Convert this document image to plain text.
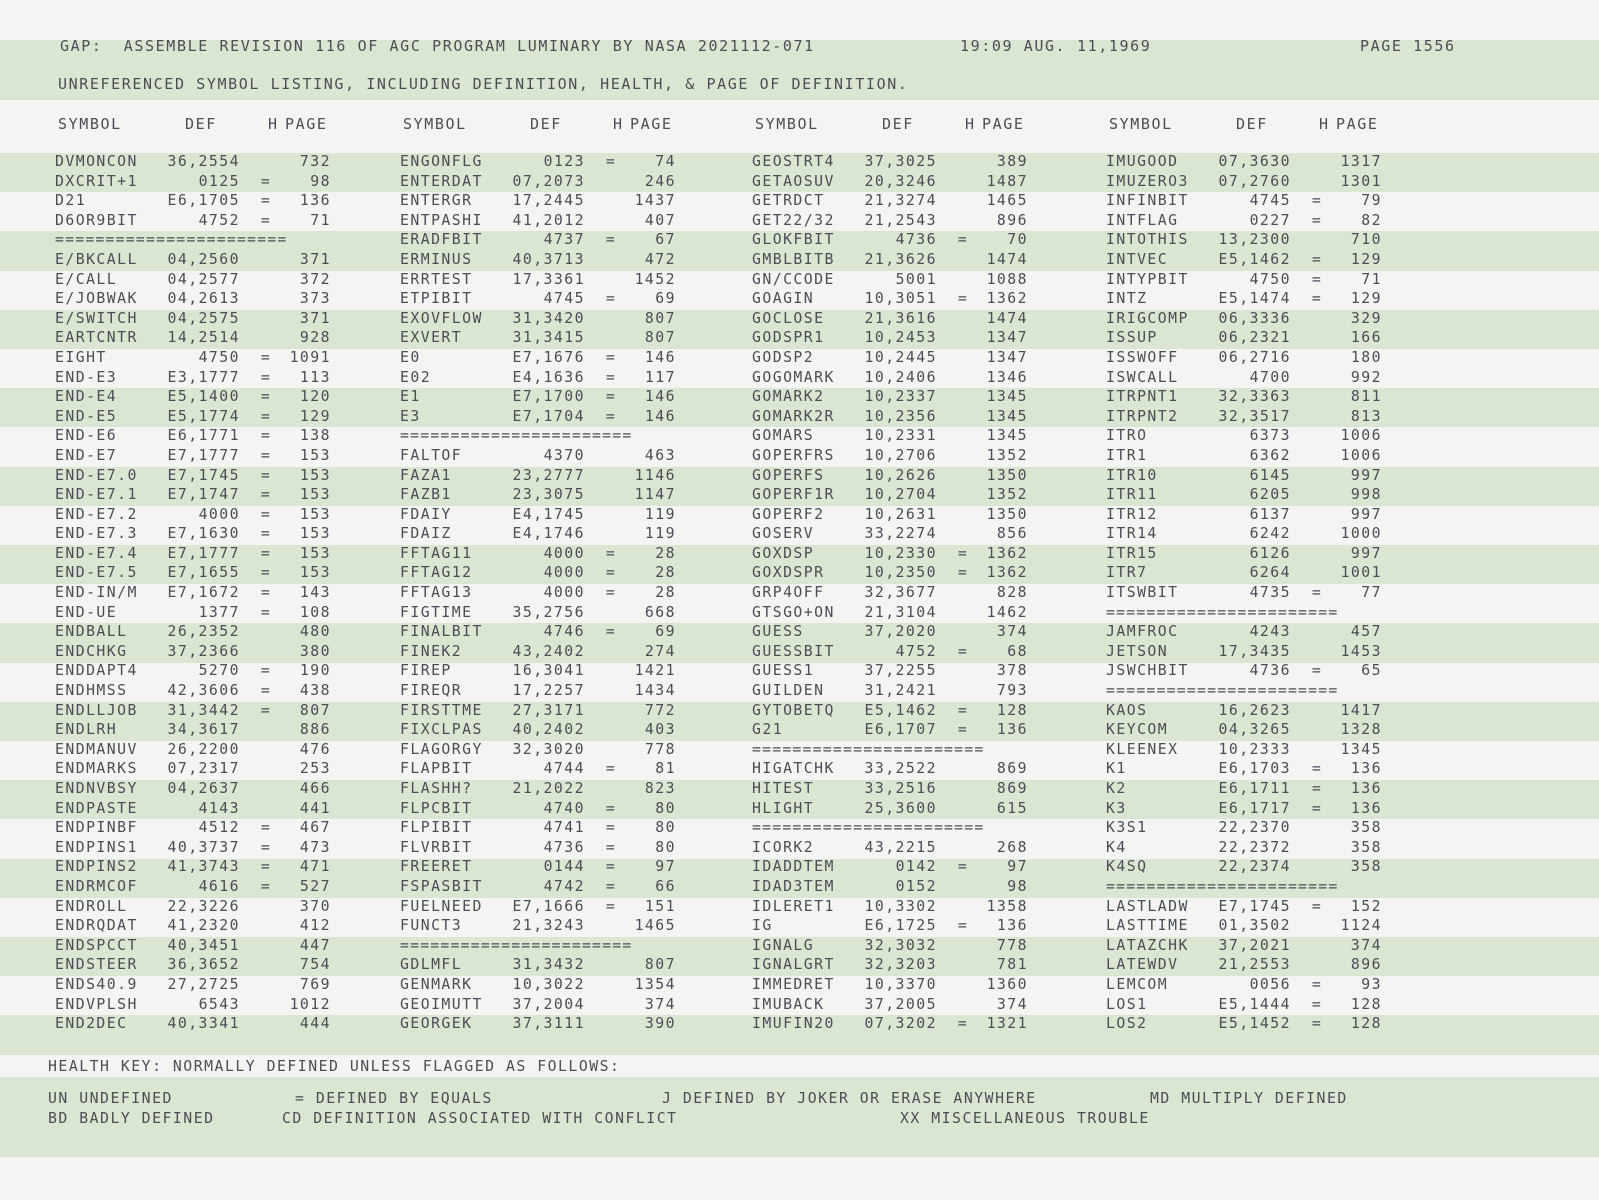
GAP:  ASSEMBLE REVISION 116 OF AGC PROGRAM LUMINARY BY NASA 2021112-071	19:09 AUG. 11,1969	PAGE 1556
UNREFERENCED SYMBOL LISTING, INCLUDING DEFINITION, HEALTH, & PAGE OF DEFINITION.
SYMBOL	DEF	H PAGE	SYMBOL	DEF	H PAGE	SYMBOL	DEF	H PAGE	SYMBOL	DEF	H PAGE
DVMONCON	36,2554	732
DXCRIT+1	0125 =	98
D21	E6,1705 =	136
D6OR9BIT	4752 =	71
=======================
E/BKCALL	04,2560	371
E/CALL	04,2577	372
E/JOBWAK	04,2613	373
E/SWITCH	04,2575	371
EARTCNTR	14,2514	928
EIGHT	4750 =	1091
END-E3	E3,1777 =	113
END-E4	E5,1400 =	120
END-E5	E5,1774 =	129
END-E6	E6,1771 =	138
END-E7	E7,1777 =	153
END-E7.0	E7,1745 =	153
END-E7.1	E7,1747 =	153
END-E7.2	4000 =	153
END-E7.3	E7,1630 =	153
END-E7.4	E7,1777 =	153
END-E7.5	E7,1655 =	153
END-IN/M	E7,1672 =	143
END-UE	1377 =	108
ENDBALL	26,2352	480
ENDCHKG	37,2366	380
ENDDAPT4	5270 =	190
ENDHMSS	42,3606 =	438
ENDLLJOB	31,3442 =	807
ENDLRH	34,3617	886
ENDMANUV	26,2200	476
ENDMARKS	07,2317	253
ENDNVBSY	04,2637	466
ENDPASTE	4143	441
ENDPINBF	4512 =	467
ENDPINS1	40,3737 =	473
ENDPINS2	41,3743 =	471
ENDRMCOF	4616 =	527
ENDROLL	22,3226	370
ENDRQDAT	41,2320	412
ENDSPCCT	40,3451	447
ENDSTEER	36,3652	754
ENDS40.9	27,2725	769
ENDVPLSH	6543	1012
END2DEC	40,3341	444
ENGONFLG	0123 =	74
ENTERDAT	07,2073	246
ENTERGR	17,2445	1437
ENTPASHI	41,2012	407
ERADFBIT	4737 =	67
ERMINUS	40,3713	472
ERRTEST	17,3361	1452
ETPIBIT	4745 =	69
EXOVFLOW	31,3420	807
EXVERT	31,3415	807
E0	E7,1676 =	146
E02	E4,1636 =	117
E1	E7,1700 =	146
E3	E7,1704 =	146
=======================
FALTOF	4370	463
FAZA1	23,2777	1146
FAZB1	23,3075	1147
FDAIY	E4,1745	119
FDAIZ	E4,1746	119
FFTAG11	4000 =	28
FFTAG12	4000 =	28
FFTAG13	4000 =	28
FIGTIME	35,2756	668
FINALBIT	4746 =	69
FINEK2	43,2402	274
FIREP	16,3041	1421
FIREQR	17,2257	1434
FIRSTTME	27,3171	772
FIXCLPAS	40,2402	403
FLAGORGY	32,3020	778
FLAPBIT	4744 =	81
FLASHH?	21,2022	823
FLPCBIT	4740 =	80
FLPIBIT	4741 =	80
FLVRBIT	4736 =	80
FREERET	0144 =	97
FSPASBIT	4742 =	66
FUELNEED	E7,1666 =	151
FUNCT3	21,3243	1465
=======================
GDLMFL	31,3432	807
GENMARK	10,3022	1354
GEOIMUTT	37,2004	374
GEORGEK	37,3111	390
GEOSTRT4	37,3025	389
GETAOSUV	20,3246	1487
GETRDCT	21,3274	1465
GET22/32	21,2543	896
GLOKFBIT	4736 =	70
GMBLBITB	21,3626	1474
GN/CCODE	5001	1088
GOAGIN	10,3051 =	1362
GOCLOSE	21,3616	1474
GODSPR1	10,2453	1347
GODSP2	10,2445	1347
GOGOMARK	10,2406	1346
GOMARK2	10,2337	1345
GOMARK2R	10,2356	1345
GOMARS	10,2331	1345
GOPERFRS	10,2706	1352
GOPERFS	10,2626	1350
GOPERF1R	10,2704	1352
GOPERF2	10,2631	1350
GOSERV	33,2274	856
GOXDSP	10,2330 =	1362
GOXDSPR	10,2350 =	1362
GRP4OFF	32,3677	828
GTSGO+ON	21,3104	1462
GUESS	37,2020	374
GUESSBIT	4752 =	68
GUESS1	37,2255	378
GUILDEN	31,2421	793
GYTOBETQ	E5,1462 =	128
G21	E6,1707 =	136
=======================
HIGATCHK	33,2522	869
HITEST	33,2516	869
HLIGHT	25,3600	615
=======================
ICORK2	43,2215	268
IDADDTEM	0142 =	97
IDAD3TEM	0152	98
IDLERET1	10,3302	1358
IG	E6,1725 =	136
IGNALG	32,3032	778
IGNALGRT	32,3203	781
IMMEDRET	10,3370	1360
IMUBACK	37,2005	374
IMUFIN20	07,3202 =	1321
IMUGOOD	07,3630	1317
IMUZERO3	07,2760	1301
INFINBIT	4745 =	79
INTFLAG	0227 =	82
INTOTHIS	13,2300	710
INTVEC	E5,1462 =	129
INTYPBIT	4750 =	71
INTZ	E5,1474 =	129
IRIGCOMP	06,3336	329
ISSUP	06,2321	166
ISSWOFF	06,2716	180
ISWCALL	4700	992
ITRPNT1	32,3363	811
ITRPNT2	32,3517	813
ITRO	6373	1006
ITR1	6362	1006
ITR10	6145	997
ITR11	6205	998
ITR12	6137	997
ITR14	6242	1000
ITR15	6126	997
ITR7	6264	1001
ITSWBIT	4735 =	77
=======================
JAMFROC	4243	457
JETSON	17,3435	1453
JSWCHBIT	4736 =	65
=======================
KAOS	16,2623	1417
KEYCOM	04,3265	1328
KLEENEX	10,2333	1345
K1	E6,1703 =	136
K2	E6,1711 =	136
K3	E6,1717 =	136
K3S1	22,2370	358
K4	22,2372	358
K4SQ	22,2374	358
=======================
LASTLADW	E7,1745 =	152
LASTTIME	01,3502	1124
LATAZCHK	37,2021	374
LATEWDV	21,2553	896
LEMCOM	0056 =	93
LOS1	E5,1444 =	128
LOS2	E5,1452 =	128
HEALTH KEY: NORMALLY DEFINED UNLESS FLAGGED AS FOLLOWS:
UN UNDEFINED	= DEFINED BY EQUALS	J DEFINED BY JOKER OR ERASE ANYWHERE	MD MULTIPLY DEFINED
BD BADLY DEFINED	CD DEFINITION ASSOCIATED WITH CONFLICT	XX MISCELLANEOUS TROUBLE
